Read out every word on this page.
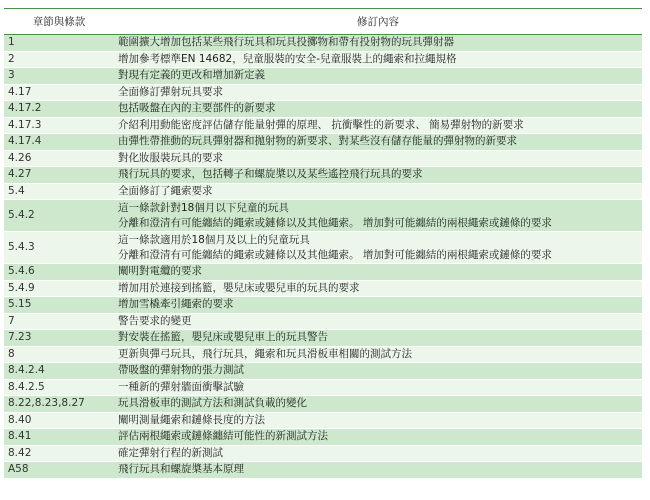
章節與條款	修訂內容
1	範圍擴大增加包括某些飛行玩具和玩具投擲物和帶有投射物的玩具彈射器

2	增加參考標準EN 14682，兒童服裝的安全-兒童服裝上的繩索和拉繩規格

3	對現有定義的更改和增加新定義

4.17	全面修訂彈射玩具要求

4.17.2	包括吸盤在內的主要部件的新要求

4.17.3	介紹利用動能密度評估儲存能量射彈的原理、 抗衝擊性的新要求、 簡易彈射物的新要求

4.17.4	由彈性帶推動的玩具彈射器和拋射物的新要求、對某些沒有儲存能量的彈射物的新要求

4.26	對化妝服裝玩具的要求

4.27	飛行玩具的要求，包括轉子和螺旋槳以及某些遙控飛行玩具的要求

5.4	全面修訂了繩索要求

5.4.2	這一條款針對18個月以下兒童的玩具
分離和澄清有可能纏結的繩索或鏈條以及其他繩索。 增加對可能纏結的兩根繩索或鏈條的要求

5.4.3	這一條款適用於18個月及以上的兒童玩具
分離和澄清有可能纏結的繩索或鏈條以及其他繩索。 增加對可能纏結的兩根繩索或鏈條的要求

5.4.6	闡明對電纜的要求

5.4.9	增加用於連接到搖籃，嬰兒床或嬰兒車的玩具的要求

5.15	增加雪橇牽引繩索的要求

7	警告要求的變更

7.23	對安裝在搖籃，嬰兒床或嬰兒車上的玩具警告

8	更新與彈弓玩具，飛行玩具，繩索和玩具滑板車相關的測試方法

8.4.2.4	帶吸盤的彈射物的張力測試

8.4.2.5	一種新的彈射牆面衝擊試驗

8.22,8.23,8.27	玩具滑板車的測試方法和測試負載的變化

8.40	闡明測量繩索和鏈條長度的方法

8.41	評估兩根繩索或鏈條纏結可能性的新測試方法

8.42	確定彈射行程的新測試

A58	飛行玩具和螺旋槳基本原理
